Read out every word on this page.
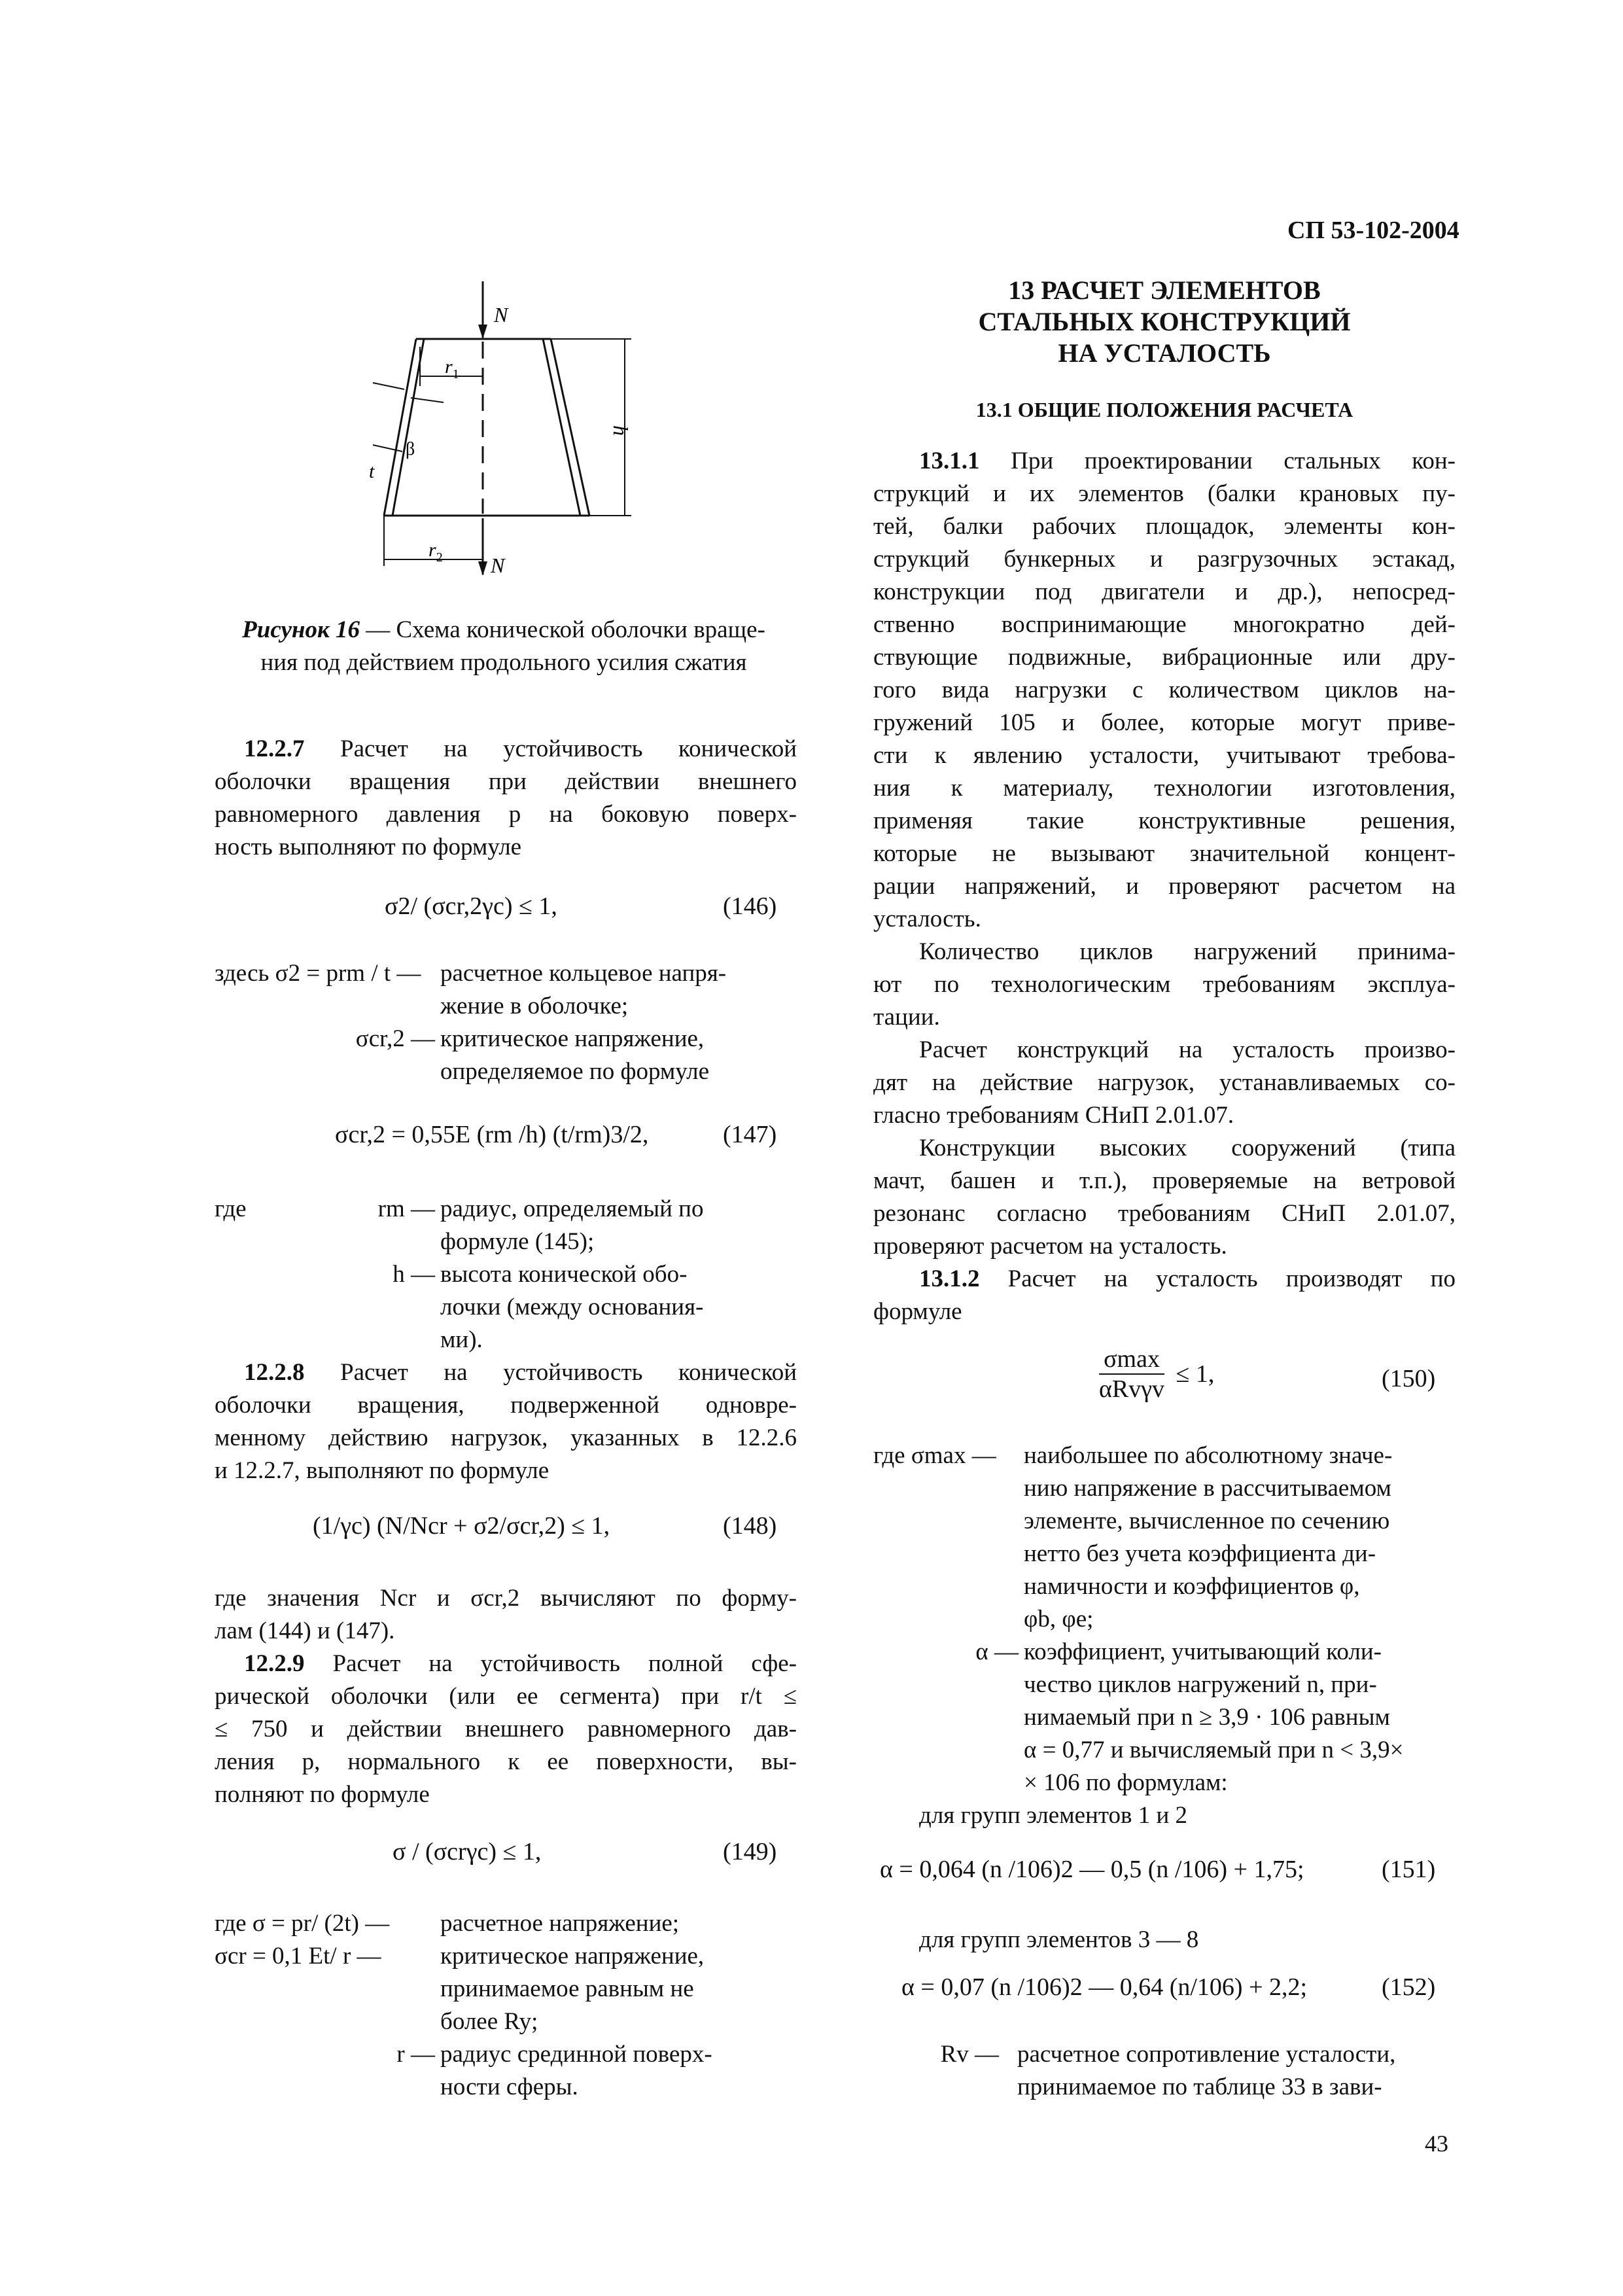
СП 53-102-2004
N
$r_1$
h
β
t
$r_2$ N
Рисунок 16 — Схема конической оболочки враще-
ния под действием продольного усилия сжатия
12.2.7 Расчет на устойчивость конической
оболочки вращения при действии внешнего
равномерного давления p на боковую поверх-
ность выполняют по формуле
σ2/ (σcr,2γc) ≤ 1,	(146)
здесь σ2 = prm / t — расчетное кольцевое напря-
жение в оболочке;
σcr,2 — критическое напряжение,
определяемое по формуле
σcr,2 = 0,55E (rm /h) (t/rm)3/2,	(147)
где	rm — радиус, определяемый по
формуле (145);
h — высота конической обо-
лочки (между основания-
ми).
12.2.8 Расчет на устойчивость конической
оболочки вращения, подверженной одновре-
менному действию нагрузок, указанных в 12.2.6
и 12.2.7, выполняют по формуле
(1/γc) (N/Ncr + σ2/σcr,2) ≤ 1,	(148)
где значения Ncr и σcr,2 вычисляют по форму-
лам (144) и (147).
12.2.9 Расчет на устойчивость полной сфе-
рической оболочки (или ее сегмента) при r/t ≤
≤ 750 и действии внешнего равномерного дав-
ления p, нормального к ее поверхности, вы-
полняют по формуле
σ / (σcrγc) ≤ 1,	(149)
где σ = pr/ (2t) — расчетное напряжение;
σcr = 0,1 Et/ r — критическое напряжение,
принимаемое равным не
более Ry;
r — радиус срединной поверх-
ности сферы.
13 РАСЧЕТ ЭЛЕМЕНТОВ
СТАЛЬНЫХ КОНСТРУКЦИЙ
НА УСТАЛОСТЬ
13.1 ОБЩИЕ ПОЛОЖЕНИЯ РАСЧЕТА
13.1.1 При проектировании стальных кон-
струкций и их элементов (балки крановых пу-
тей, балки рабочих площадок, элементы кон-
струкций бункерных и разгрузочных эстакад,
конструкции под двигатели и др.), непосред-
ственно воспринимающие многократно дей-
ствующие подвижные, вибрационные или дру-
гого вида нагрузки с количеством циклов на-
гружений 105 и более, которые могут приве-
сти к явлению усталости, учитывают требова-
ния к материалу, технологии изготовления,
применяя такие конструктивные решения,
которые не вызывают значительной концент-
рации напряжений, и проверяют расчетом на
усталость.
Количество циклов нагружений принима-
ют по технологическим требованиям эксплуа-
тации.
Расчет конструкций на усталость произво-
дят на действие нагрузок, устанавливаемых со-
гласно требованиям СНиП 2.01.07.
Конструкции высоких сооружений (типа
мачт, башен и т.п.), проверяемые на ветровой
резонанс согласно требованиям СНиП 2.01.07,
проверяют расчетом на усталость.
13.1.2 Расчет на усталость производят по
формуле
σmax
αRvγv
≤ 1,	(150)
где σmax — наибольшее по абсолютному значе-
нию напряжение в рассчитываемом
элементе, вычисленное по сечению
нетто без учета коэффициента ди-
намичности и коэффициентов φ,
φb, φe;
α — коэффициент, учитывающий коли-
чество циклов нагружений n, при-
нимаемый при n ≥ 3,9 · 106 равным
α = 0,77 и вычисляемый при n < 3,9×
× 106 по формулам:
для групп элементов 1 и 2
α = 0,064 (n /106)2 — 0,5 (n /106) + 1,75;	(151)
для групп элементов 3 — 8
α = 0,07 (n /106)2 — 0,64 (n/106) + 2,2;	(152)
Rv — расчетное сопротивление усталости,
принимаемое по таблице 33 в зави-
43
